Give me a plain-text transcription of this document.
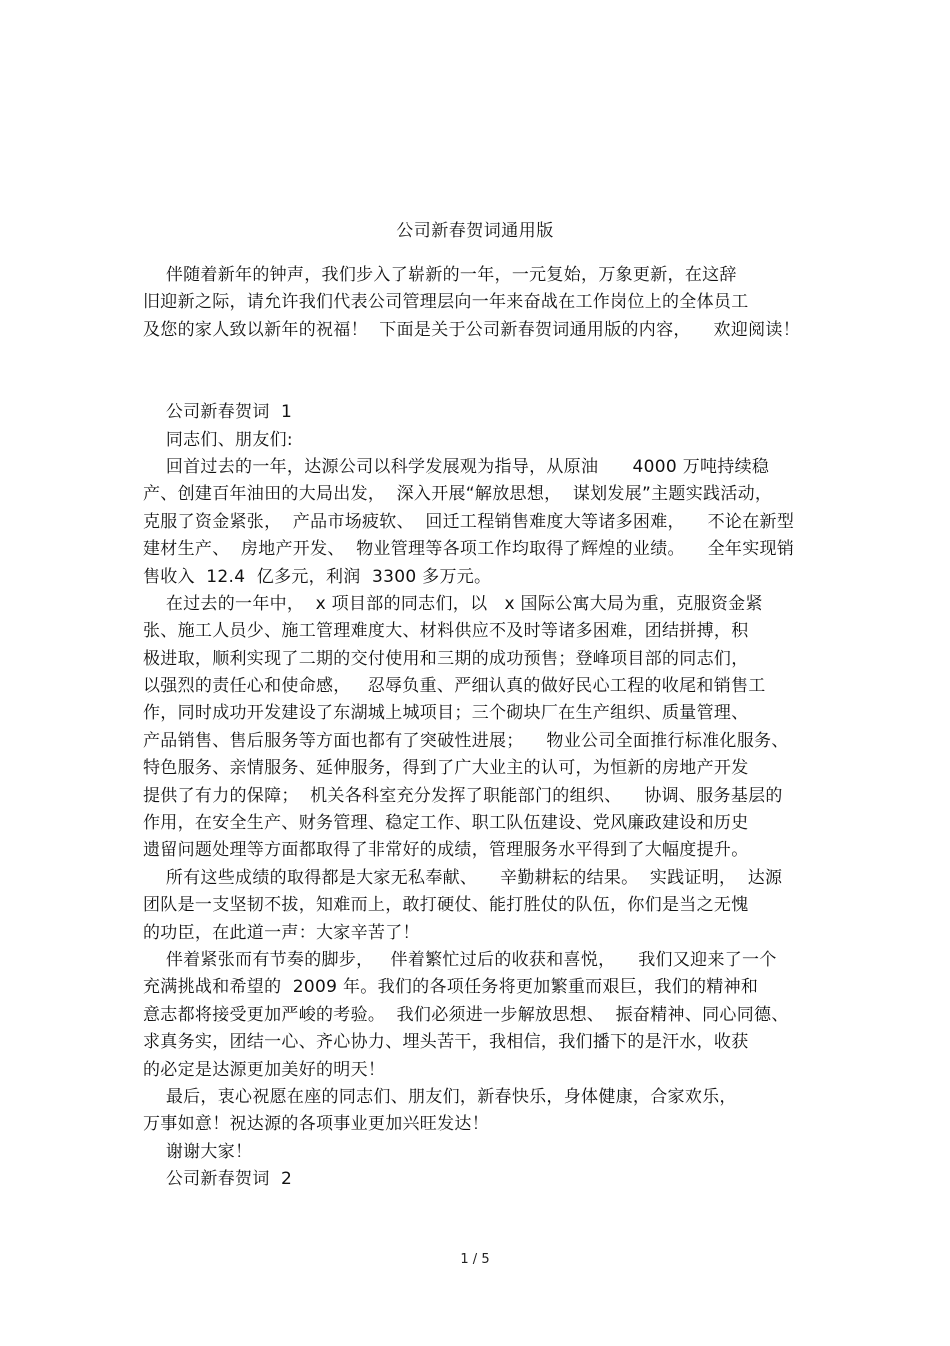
公司新春贺词通用版
伴随着新年的钟声，我们步入了崭新的一年，一元复始，万象更新，在这辞
旧迎新之际，请允许我们代表公司管理层向一年来奋战在工作岗位上的全体员工
及您的家人致以新年的祝福！  下面是关于公司新春贺词通用版的内容，    欢迎阅读！
公司新春贺词  1
同志们、朋友们:
回首过去的一年，达源公司以科学发展观为指导，从原油      4000 万吨持续稳
产、创建百年油田的大局出发，  深入开展“解放思想，  谋划发展”主题实践活动，
克服了资金紧张，  产品市场疲软、  回迁工程销售难度大等诸多困难，    不论在新型
建材生产、  房地产开发、  物业管理等各项工作均取得了辉煌的业绩。    全年实现销
售收入  12.4  亿多元，利润  3300 多万元。
在过去的一年中，  x 项目部的同志们，以   x 国际公寓大局为重，克服资金紧
张、施工人员少、施工管理难度大、材料供应不及时等诸多困难，团结拼搏，积
极进取，顺利实现了二期的交付使用和三期的成功预售；登峰项目部的同志们，
以强烈的责任心和使命感，   忍辱负重、严细认真的做好民心工程的收尾和销售工
作，同时成功开发建设了东湖城上城项目；三个砌块厂在生产组织、质量管理、
产品销售、售后服务等方面也都有了突破性进展；    物业公司全面推行标准化服务、
特色服务、亲情服务、延伸服务，得到了广大业主的认可，为恒新的房地产开发
提供了有力的保障；  机关各科室充分发挥了职能部门的组织、    协调、服务基层的
作用，在安全生产、财务管理、稳定工作、职工队伍建设、党风廉政建设和历史
遗留问题处理等方面都取得了非常好的成绩，管理服务水平得到了大幅度提升。
所有这些成绩的取得都是大家无私奉献、    辛勤耕耘的结果。  实践证明，  达源
团队是一支坚韧不拔，知难而上，敢打硬仗、能打胜仗的队伍，你们是当之无愧
的功臣，在此道一声：大家辛苦了！
伴着紧张而有节奏的脚步，   伴着繁忙过后的收获和喜悦，    我们又迎来了一个
充满挑战和希望的  2009 年。我们的各项任务将更加繁重而艰巨，我们的精神和
意志都将接受更加严峻的考验。  我们必须进一步解放思想、  振奋精神、同心同德、
求真务实，团结一心、齐心协力、埋头苦干，我相信，我们播下的是汗水，收获
的必定是达源更加美好的明天！
最后，衷心祝愿在座的同志们、朋友们，新春快乐，身体健康，合家欢乐，
万事如意！祝达源的各项事业更加兴旺发达！
谢谢大家！
公司新春贺词  2
1 / 5
